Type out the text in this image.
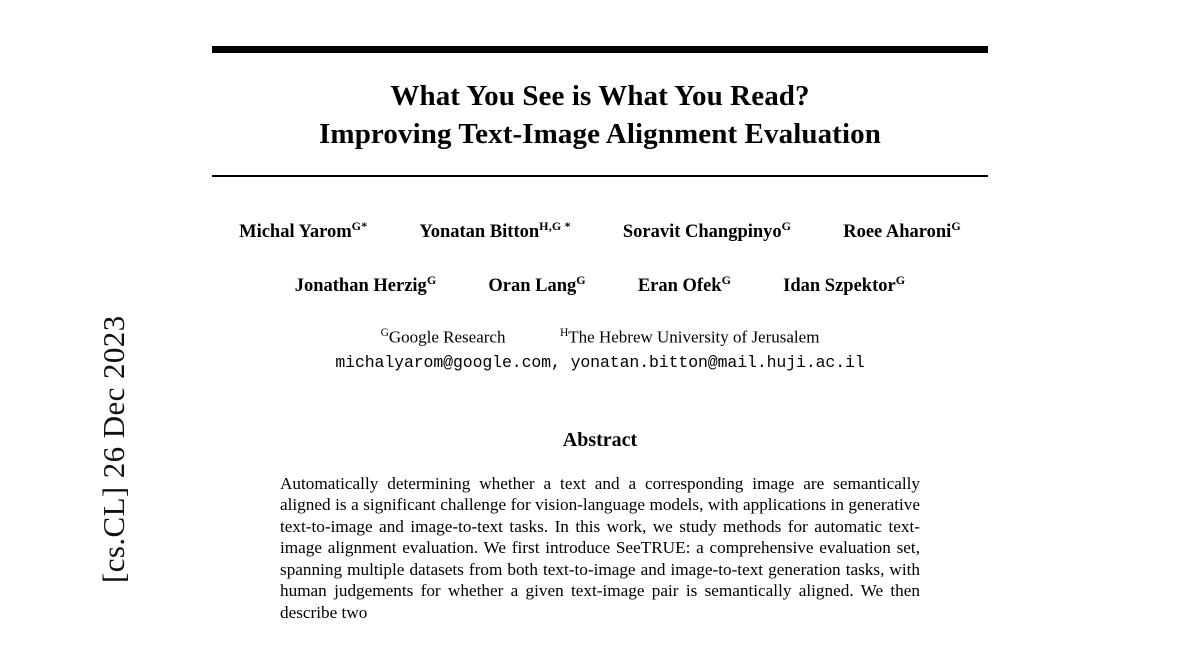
[cs.CL] 26 Dec 2023
What You See is What You Read?
Improving Text-Image Alignment Evaluation
Michal Yarom$^{G*}$	Yonatan Bitton$^{H,G *}$	Soravit Changpinyo$^G$	Roee Aharoni$^G$
Jonathan Herzig$^G$	Oran Lang$^G$	Eran Ofek$^G$	Idan Szpektor$^G$
$^G$Google Research	$^H$The Hebrew University of Jerusalem
michalyarom@google.com, yonatan.bitton@mail.huji.ac.il
Abstract

Automatically determining whether a text and a corresponding image are semantically aligned is a significant challenge for vision-language models, with applications in generative text-to-image and image-to-text tasks. In this work, we study methods for automatic text-image alignment evaluation. We first introduce SeeTRUE: a comprehensive evaluation set, spanning multiple datasets from both text-to-image and image-to-text generation tasks, with human judgements for whether a given text-image pair is semantically aligned. We then describe two
